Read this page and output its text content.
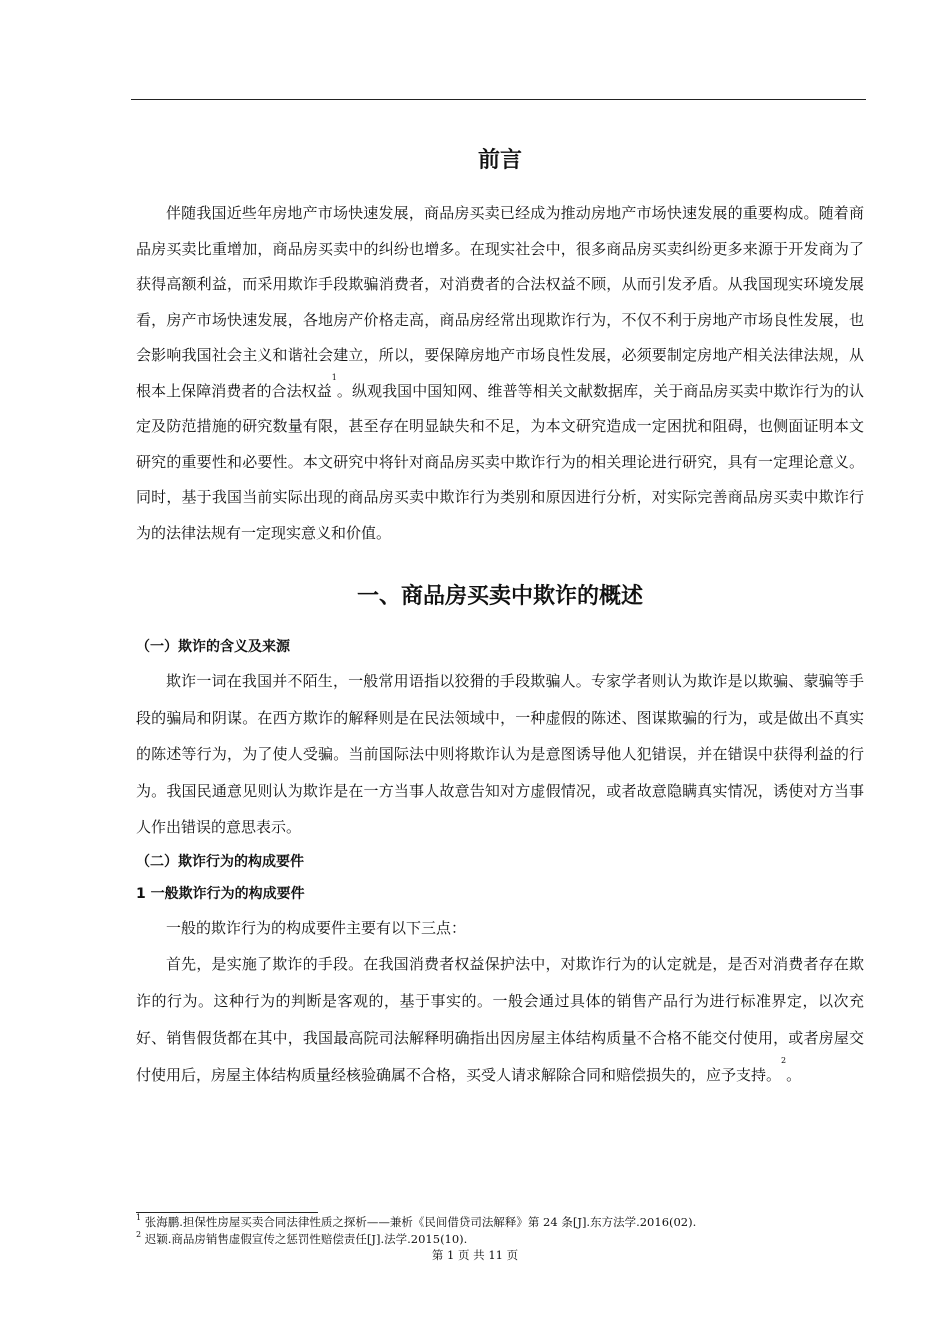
前言

伴随我国近些年房地产市场快速发展，商品房买卖已经成为推动房地产市场快速发展的重要构成。随着商品房买卖比重增加，商品房买卖中的纠纷也增多。在现实社会中，很多商品房买卖纠纷更多来源于开发商为了获得高额利益，而采用欺诈手段欺骗消费者，对消费者的合法权益不顾，从而引发矛盾。从我国现实环境发展看，房产市场快速发展，各地房产价格走高，商品房经常出现欺诈行为，不仅不利于房地产市场良性发展，也会影响我国社会主义和谐社会建立，所以，要保障房地产市场良性发展，必须要制定房地产相关法律法规，从根本上保障消费者的合法权益$^1$。纵观我国中国知网、维普等相关文献数据库，关于商品房买卖中欺诈行为的认定及防范措施的研究数量有限，甚至存在明显缺失和不足，为本文研究造成一定困扰和阻碍，也侧面证明本文研究的重要性和必要性。本文研究中将针对商品房买卖中欺诈行为的相关理论进行研究，具有一定理论意义。同时，基于我国当前实际出现的商品房买卖中欺诈行为类别和原因进行分析，对实际完善商品房买卖中欺诈行为的法律法规有一定现实意义和价值。

一、商品房买卖中欺诈的概述
（一）欺诈的含义及来源

欺诈一词在我国并不陌生，一般常用语指以狡猾的手段欺骗人。专家学者则认为欺诈是以欺骗、蒙骗等手段的骗局和阴谋。在西方欺诈的解释则是在民法领域中，一种虚假的陈述、图谋欺骗的行为，或是做出不真实的陈述等行为，为了使人受骗。当前国际法中则将欺诈认为是意图诱导他人犯错误，并在错误中获得利益的行为。我国民通意见则认为欺诈是在一方当事人故意告知对方虚假情况，或者故意隐瞒真实情况，诱使对方当事人作出错误的意思表示。

（二）欺诈行为的构成要件
1 一般欺诈行为的构成要件

一般的欺诈行为的构成要件主要有以下三点：

首先，是实施了欺诈的手段。在我国消费者权益保护法中，对欺诈行为的认定就是，是否对消费者存在欺诈的行为。这种行为的判断是客观的，基于事实的。一般会通过具体的销售产品行为进行标准界定，以次充好、销售假货都在其中，我国最高院司法解释明确指出因房屋主体结构质量不合格不能交付使用，或者房屋交付使用后，房屋主体结构质量经核验确属不合格，买受人请求解除合同和赔偿损失的，应予支持。$^2$。

$^1$ 张海鹏.担保性房屋买卖合同法律性质之探析——兼析《民间借贷司法解释》第 24 条[J].东方法学.2016(02).
$^2$ 迟颖.商品房销售虚假宣传之惩罚性赔偿责任[J].法学.2015(10).
第 1 页 共 11 页
